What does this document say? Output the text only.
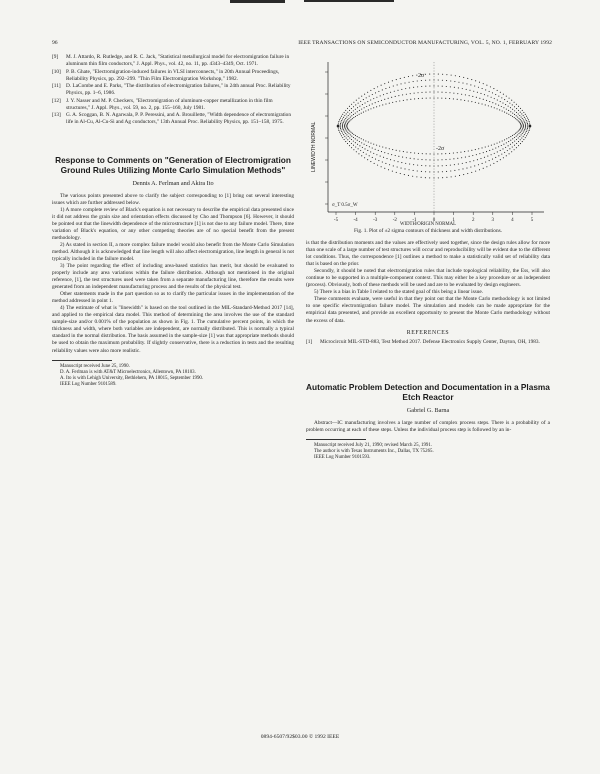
96	IEEE TRANSACTIONS ON SEMICONDUCTOR MANUFACTURING, VOL. 5, NO. 1, FEBRUARY 1992
[9] M. J. Attardo, R. Rutledge, and R. C. Jack, "Statistical metallurgical model for electromigration failure in aluminum thin film conductors," J. Appl. Phys., vol. 42, no. 11, pp. 4343–4349, Oct. 1971.
[10] P. B. Ghate, "Electromigration-induced failures in VLSI interconnects," in 20th Annual Proceedings, Reliability Physics, pp. 292–299. "Thin Film Electromigration Workshop," 1982.
[11] D. LaCombe and E. Parks, "The distribution of electromigration failures," in 24th annual Proc. Reliability Physics, pp. 1–6, 1986.
[12] J. Y. Nasser and M. P. Checkers, "Electromigration of aluminum-copper metallization in thin film structures," J. Appl. Phys., vol. 59, no. 2, pp. 155–160, July 1981.
[13] G. A. Scoggan, B. N. Agarwala, P. P. Peressini, and A. Brouillette, "Width dependence of electromigration life in Al-Cu, Al-Cu-Si and Ag conductors," 13th Annual Proc. Reliability Physics, pp. 151–158, 1975.
Response to Comments on "Generation of Electromigration Ground Rules Utilizing Monte Carlo Simulation Methods"
Dennis A. Ferlman and Akira Ito

The various points presented above to clarify the subject corresponding to [1] bring out several interesting issues which are further addressed below.

1) A more complete review of Black's equation is not necessary to describe the empirical data presented since it did not address the grain size and orientation effects discussed by Cho and Thompson [6]. However, it should be pointed out that the linewidth dependence of the microstructure [1] is not due to any failure model. There, time variation of Black's equation, or any other competing theories are of no special benefit from the present methodology.

2) As stated in section II, a more complex failure model would also benefit from the Monte Carlo Simulation method. Although it is acknowledged that line length will also affect electromigration, line length in general is not typically included in the failure model.

3) The point regarding the effect of including area-based statistics has merit, but should be evaluated to properly include any area variations within the failure distribution. Although not mentioned in the original reference, [1], the test structures used were taken from a separate manufacturing line, therefore the results were generated from an independent manufacturing process and the results of the physical test.

Other statements made in the part question so as to clarify the particular issues in the implementation of the method addressed in point 1.

4) The estimate of what is "linewidth" is based on the tool outlined in the MIL-Standard-Method 2017 [14], and applied to the empirical data model. This method of determining the area involves the use of the standard sample-size and/or 0.001% of the population as shown in Fig. 1. The cumulative percent points, in which the thickness and width, where both variables are independent, are normally distributed. This is normally a typical standard in the normal distribution. The basis assumed in the sample-size [1] was that appropriate methods should be used to obtain the maximum probability. If slightly conservative, there is a reduction in tests and the resulting reliability values were also more realistic.

Manuscript received June 25, 1990.

D. A. Ferlman is with AT&T Microelectronics, Allentown, PA 18103.

A. Ito is with Lehigh University, Bethlehem, PA 18015, September 1990.

IEEE Log Number 9101589.

-5	-4	-3	-2	-1	0	1	2	3	4	5
LINEWIDTH NORMAL
2σ
-2σ
σ_T 0.5σ_W
WIDTH/ORIGIN NORMAL
Fig. 1. Plot of ±2 sigma contours of thickness and width distributions.

is that the distribution moments and the values are effectively used together, since the design rules allow for more than one scale of a large number of test structures will occur and reproducibility will be evident due to the different lot conditions. Thus, the correspondence [1] outlines a method to make a statistically valid set of reliability data that is based on the prior.

Secondly, it should be noted that electromigration rules that include topological reliability, the Ess, will also continue to be supported in a multiple-component context. This may either be a key procedure or an independent (process). Obviously, both of these methods will be used and are to be evaluated by design engineers.

5) There is a bias in Table I related to the stated goal of this being a linear issue.

These comments evaluate, were useful in that they point out that the Monte Carlo methodology is not limited to one specific electromigration failure model. The simulation and models can be made appropriate for the empirical data presented, and provide an excellent opportunity to present the Monte Carlo methodology without the excess of data.

REFERENCES

[1] Microcircuit MIL-STD-883, Test Method 2017. Defense Electronics Supply Center, Dayton, OH, 1983.

Automatic Problem Detection and Documentation in a Plasma Etch Reactor
Gabriel G. Barna

Abstract—IC manufacturing involves a large number of complex process steps. There is a probability of a problem occurring at each of these steps. Unless the individual process step is followed by an in-

Manuscript received July 21, 1990; revised March 25, 1991.

The author is with Texas Instruments Inc., Dallas, TX 75265.

IEEE Log Number 9101593.

0894-6507/92$03.00 © 1992 IEEE
